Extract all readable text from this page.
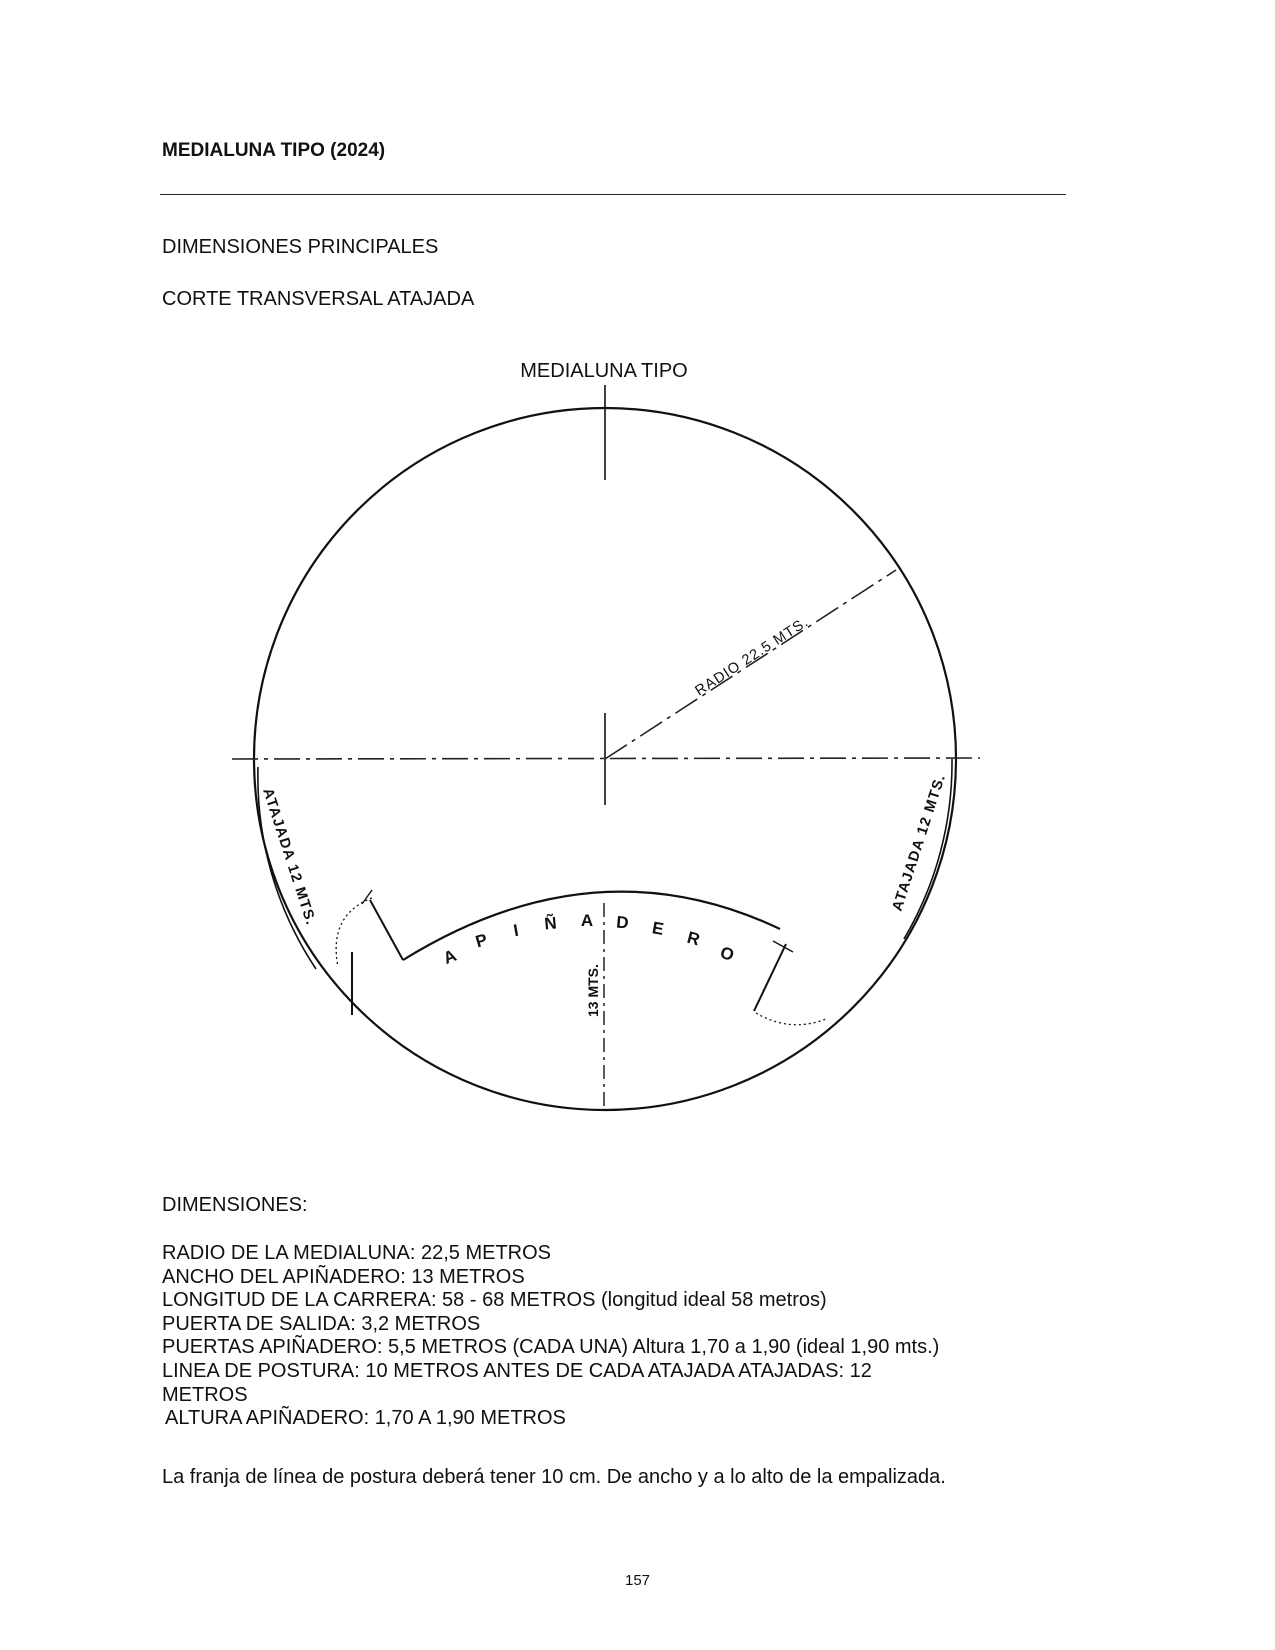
MEDIALUNA TIPO (2024)
DIMENSIONES PRINCIPALES
CORTE TRANSVERSAL ATAJADA
MEDIALUNA TIPO
RADIO 22.5 MTS.
ATAJADA 12 MTS.	ATAJADA 12 MTS.
A
P I Ñ A D E R
O
13 MTS.
DIMENSIONES:
RADIO DE LA MEDIALUNA: 22,5 METROS
ANCHO DEL APIÑADERO: 13 METROS
LONGITUD DE LA CARRERA: 58 - 68 METROS (longitud ideal 58 metros)
PUERTA DE SALIDA: 3,2 METROS
PUERTAS APIÑADERO: 5,5 METROS (CADA UNA) Altura 1,70 a 1,90 (ideal 1,90 mts.)
LINEA DE POSTURA: 10 METROS ANTES DE CADA ATAJADA ATAJADAS: 12
METROS
ALTURA APIÑADERO: 1,70 A 1,90 METROS
La franja de línea de postura deberá tener 10 cm. De ancho y a lo alto de la empalizada.
157
